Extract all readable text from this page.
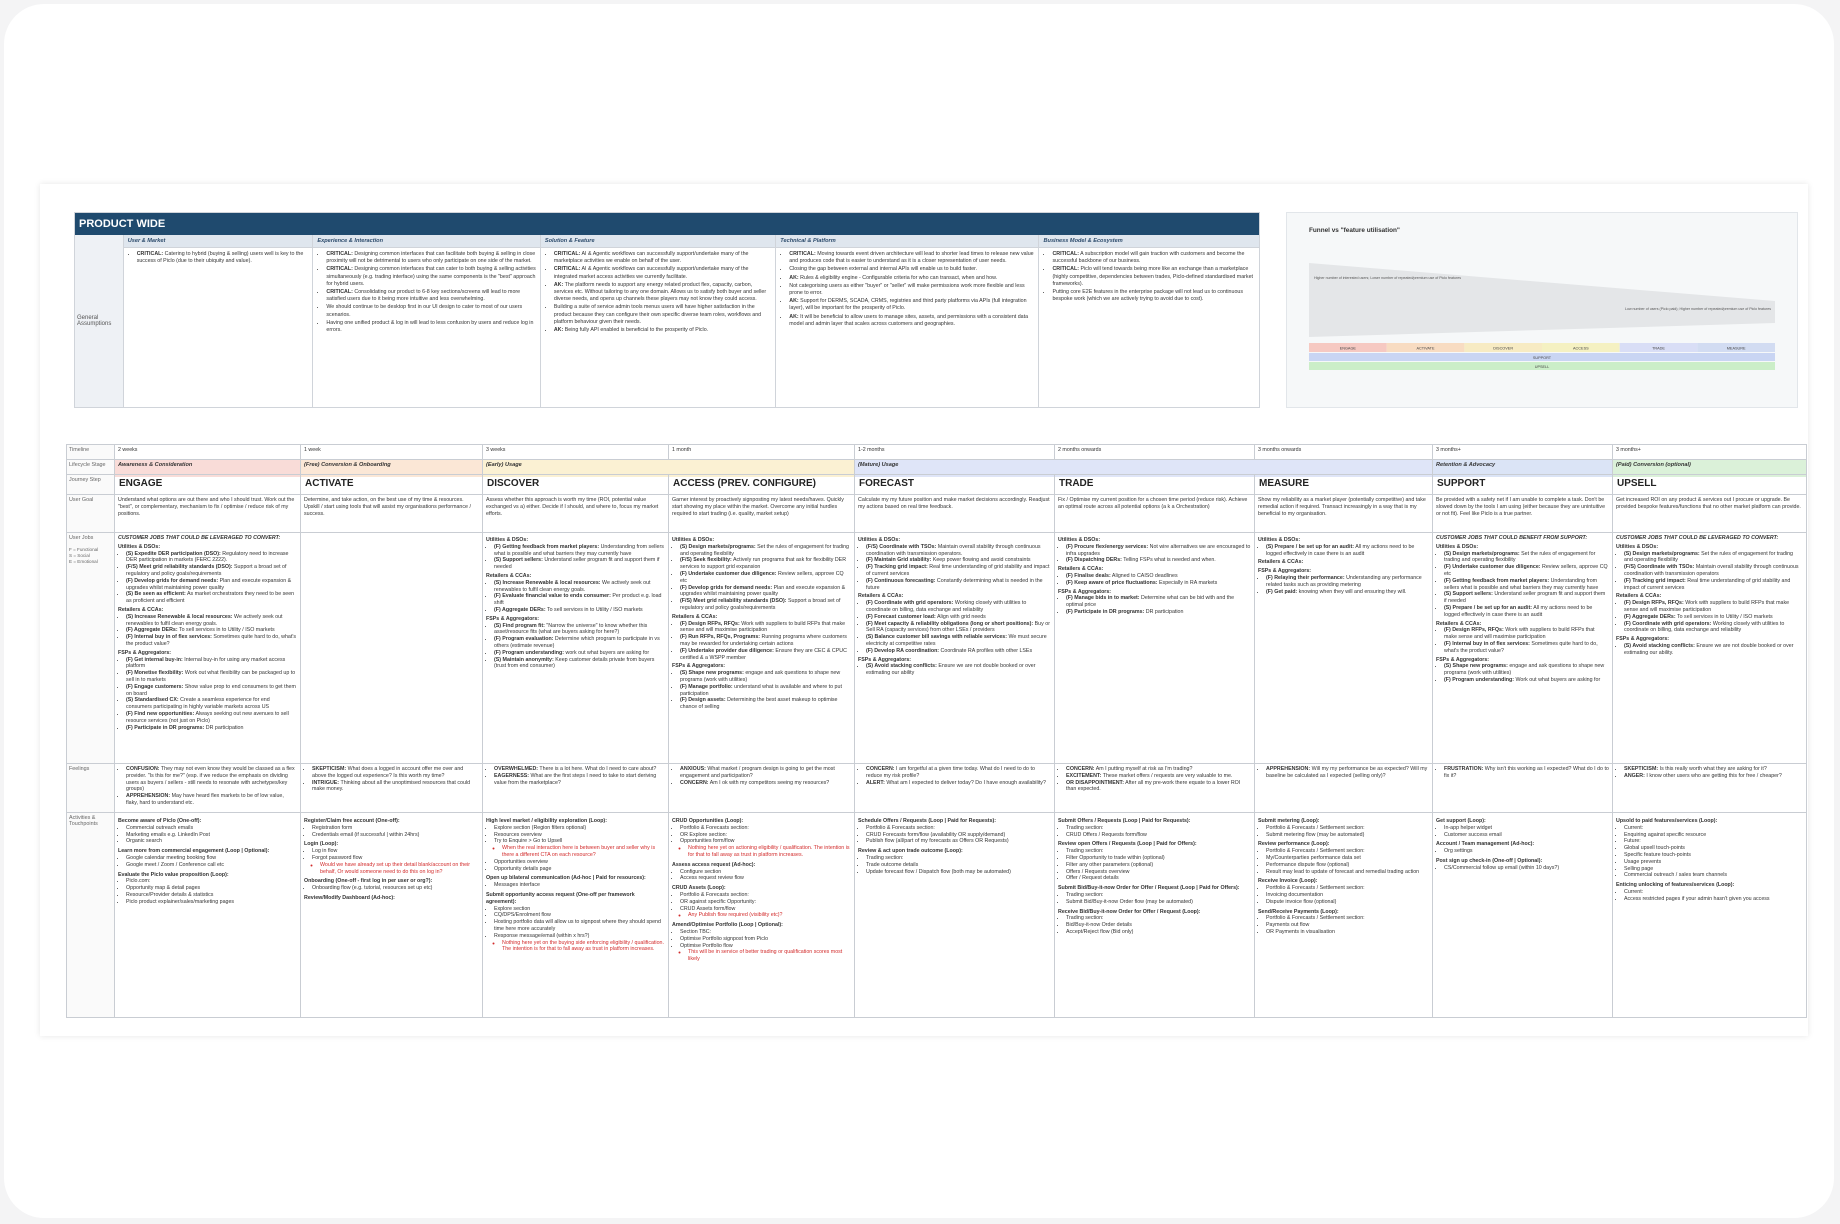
PRODUCT WIDE
General Assumptions
User & Market
• CRITICAL: Catering to hybrid (buying & selling) users well is key to the success of Piclo (due to their ubiquity and value).
Experience & Interaction
• CRITICAL: Designing common interfaces that can facilitate both buying & selling in close proximity will not be detrimental to users who only participate on one side of the market.
• CRITICAL: Designing common interfaces that can cater to both buying & selling activities simultaneously (e.g. trading interface) using the same components is the "best" approach for hybrid users.
• CRITICAL: Consolidating our product to 6-8 key sections/screens will lead to more satisfied users due to it being more intuitive and less overwhelming.
• We should continue to be desktop first in our UI design to cater to most of our users scenarios.
• Having one unified product & log in will lead to less confusion by users and reduce log in errors.
Solution & Feature
• CRITICAL: AI & Agentic workflows can successfully support/undertake many of the marketplace activities we enable on behalf of the user.
• CRITICAL: AI & Agentic workflows can successfully support/undertake many of the integrated market access activities we currently facilitate.
• AK: The platform needs to support any energy related product flex, capacity, carbon, services etc. Without tailoring to any one domain. Allows us to satisfy both buyer and seller diverse needs, and opens up channels these players may not know they could access.
• Building a suite of service admin tools menus users will have higher satisfaction in the product because they can configure their own specific diverse team roles, workflows and platform behaviour given their needs.
• AK: Being fully API enabled is beneficial to the prosperity of Piclo.
Technical & Platform
• CRITICAL: Moving towards event driven architecture will lead to shorter lead times to release new value and produces code that is easier to understand as it is a closer representation of user needs.
• Closing the gap between external and internal APIs will enable us to build faster.
• AK: Rules & eligibility engine - Configurable criteria for who can transact, when and how.
• Not categorising users as either "buyer" or "seller" will make permissions work more flexible and less prone to error.
• AK: Support for DERMS, SCADA, CRMS, registries and third party platforms via APIs (full integration layer), will be important for the prosperity of Piclo.
• AK: It will be beneficial to allow users to manage sites, assets, and permissions with a consistent data model and admin layer that scales across customers and geographies.
Business Model & Ecosystem
• CRITICAL: A subscription model will gain traction with customers and become the successful backbone of our business.
• CRITICAL: Piclo will tend towards being more like an exchange than a marketplace (highly competitive, dependencies between trades, Piclo-defined standardised market frameworks).
• Putting core E2E features in the enterprise package will not lead us to continuous bespoke work (which we are actively trying to avoid due to cost).
Funnel vs "feature utilisation"
Higher number of interested users; Lower number of repeated/premium use of Piclo features
Low number of users (Piclo paid); Higher number of repeated/premium use of Piclo features
ENGAGE	ACTIVATE	DISCOVER	ACCESS	TRADE	MEASURE
SUPPORT
UPSELL
Timeline	2 weeks	1 week	3 weeks	1 month	1-2 months	2 months onwards	3 months onwards	3 months+	3 months+
Lifecycle Stage	Awareness & Consideration	(Free) Conversion & Onboarding	(Early) Usage	(Mature) Usage	Retention & Advocacy	(Paid) Conversion (optional)
Journey Step	ENGAGE	ACTIVATE	DISCOVER	ACCESS (PREV. CONFIGURE)	FORECAST	TRADE	MEASURE	SUPPORT	UPSELL
User Goal	Understand what options are out there and who I should trust. Work out the "best", or complementary, mechanism to fix / optimise / reduce risk of my positions.
Determine, and take action, on the best use of my time & resources. Upskill / start using tools that will assist my organisations performance / success.
Assess whether this approach is worth my time (ROI, potential value exchanged vs a) either. Decide if I should, and where to, focus my market efforts.
Garner interest by proactively signposting my latest needs/haves. Quickly start showing my place within the market. Overcome any initial hurdles required to start trading (i.e. quality, market setup)
Calculate my my future position and make market decisions accordingly. Readjust my actions based on real time feedback.
Fix / Optimise my current position for a chosen time period (reduce risk). Achieve an optimal route across all potential options (a k a Orchestration)
Show my reliability as a market player (potentially competitive) and take remedial action if required. Transact increasingly in a way that is my beneficial to my organisation.
Be provided with a safety net if I am unable to complete a task. Don't be slowed down by the tools I am using (either because they are unintuitive or not fit). Feel like Piclo is a true partner.
Get increased ROI on any product & services out I procure or upgrade. Be provided bespoke features/functions that no other market platform can provide.
User Jobs
F = Functional
S = Social
E = Emotional
CUSTOMER JOBS THAT COULD BE LEVERAGED TO CONVERT:
Utilities & DSOs:
• (S) Expedite DER participation (DSO): Regulatory need to increase DER participation in markets (FERC 2222).
• (F/S) Meet grid reliability standards (DSO): Support a broad set of regulatory and policy goals/requirements
• (F) Develop grids for demand needs: Plan and execute expansion & upgrades whilst maintaining power quality
• (S) Be seen as efficient: As market orchestrators they need to be seen as proficient and efficient
Retailers & CCAs:
• (S) Increase Renewable & local resources: We actively seek out renewables to fulfil clean energy goals.
• (F) Aggregate DERs: To sell services in to Utility / ISO markets
• (F) Internal buy in of flex services: Sometimes quite hard to do, what's the product value?
FSPs & Aggregators:
• (F) Get internal buy-in: Internal buy-in for using any market access platform
• (F) Monetise flexibility: Work out what flexibility can be packaged up to sell in to markets
• (F) Engage customers: Show value prop to end consumers to get them on board
• (S) Standardised CX: Create a seamless experience for end consumers participating in highly variable markets across US
• (F) Find new opportunities: Always seeking out new avenues to sell resource services (not just on Piclo)
• (F) Participate in DR programs: DR participation
Utilities & DSOs:
• (F) Getting feedback from market players: Understanding from sellers what is possible and what barriers they may currently have
• (S) Support sellers: Understand seller program fit and support them if needed
Retailers & CCAs:
• (S) Increase Renewable & local resources: We actively seek out renewables to fulfil clean energy goals.
• (F) Evaluate financial value to ends consumer: Per product e.g. load shift
• (F) Aggregate DERs: To sell services in to Utility / ISO markets
FSPs & Aggregators:
• (S) Find program fit: "Narrow the universe" to know whether this asset/resource fits (what are buyers asking for here?)
• (F) Program evaluation: Determine which program to participate in vs others (estimate revenue)
• (F) Program understanding: work out what buyers are asking for
• (S) Maintain anonymity: Keep customer details private from buyers (trust from end consumer)
Utilities & DSOs:
• (S) Design markets/programs: Set the rules of engagement for trading and operating flexibility
• (F/S) Seek flexibility: Actively run programs that ask for flexibility DER services to support grid expansion
• (F) Undertake customer due diligence: Review sellers, approve CQ etc
• (F) Develop grids for demand needs: Plan and execute expansion & upgrades whilst maintaining power quality
• (F/S) Meet grid reliability standards (DSO): Support a broad set of regulatory and policy goals/requirements
Retailers & CCAs:
• (F) Design RFPs, RFQs: Work with suppliers to build RFPs that make sense and will maximise participation
• (F) Run RFPs, RFQs, Programs: Running programs where customers may be rewarded for undertaking certain actions
• (F) Undertake provider due diligence: Ensure they are CEC & CPUC certified & a WSPP member
FSPs & Aggregators:
• (S) Shape new programs: engage and ask questions to shape new programs (work with utilities)
• (F) Manage portfolio: understand what is available and where to put participation
• (F) Design assets: Determining the best asset makeup to optimise chance of selling
Utilities & DSOs:
• (F/S) Coordinate with TSOs: Maintain overall stability through continuous coordination with transmission operators.
• (F) Maintain Grid stability: Keep power flowing and avoid constraints
• (F) Tracking grid impact: Real time understanding of grid stability and impact of current services
• (F) Continuous forecasting: Constantly determining what is needed in the future
Retailers & CCAs:
• (F) Coordinate with grid operators: Working closely with utilities to coordinate on billing, data exchange and reliability
• (F) Forecast customer load: Align with grid needs
• (F) Meet capacity & reliability obligations (long or short positions): Buy or Sell RA (capacity services) from other LSEs / providers
• (S) Balance customer bill savings with reliable services: We must secure electricity at competitive rates
• (F) Develop RA coordination: Coordinate RA profiles with other LSEs
FSPs & Aggregators:
• (S) Avoid stacking conflicts: Ensure we are not double booked or over estimating our ability
Utilities & DSOs:
• (F) Procure flex/energy services: Not wire alternatives we are encouraged to infra upgrades
• (F) Dispatching DERs: Telling FSPs what is needed and when.
Retailers & CCAs:
• (F) Finalise deals: Aligned to CAISO deadlines
• (F) Keep aware of price fluctuations: Especially in RA markets
FSPs & Aggregators:
• (F) Manage bids in to market: Determine what can be bid with and the optimal price
• (F) Participate in DR programs: DR participation
Utilities & DSOs:
• (S) Prepare / be set up for an audit: All my actions need to be logged effectively in case there is an audit
Retailers & CCAs:
FSPs & Aggregators:
• (F) Relaying their performance: Understanding any performance related tasks such as providing metering
• (F) Get paid: knowing when they will and ensuring they will.
CUSTOMER JOBS THAT COULD BENEFIT FROM SUPPORT:
Utilities & DSOs:
• (S) Design markets/programs: Set the rules of engagement for trading and operating flexibility
• (F) Undertake customer due diligence: Review sellers, approve CQ etc
• (F) Getting feedback from market players: Understanding from sellers what is possible and what barriers they may currently have
• (S) Support sellers: Understand seller program fit and support them if needed
• (S) Prepare / be set up for an audit: All my actions need to be logged effectively in case there is an audit
Retailers & CCAs:
• (F) Design RFPs, RFQs: Work with suppliers to build RFPs that make sense and will maximise participation
• (F) Internal buy in of flex services: Sometimes quite hard to do, what's the product value?
FSPs & Aggregators:
• (S) Shape new programs: engage and ask questions to shape new programs (work with utilities)
• (F) Program understanding: Work out what buyers are asking for
CUSTOMER JOBS THAT COULD BE LEVERAGED TO CONVERT:
Utilities & DSOs:
• (S) Design markets/programs: Set the rules of engagement for trading and operating flexibility
• (F/S) Coordinate with TSOs: Maintain overall stability through continuous coordination with transmission operators
• (F) Tracking grid impact: Real time understanding of grid stability and impact of current services
Retailers & CCAs:
• (F) Design RFPs, RFQs: Work with suppliers to build RFPs that make sense and will maximise participation
• (F) Aggregate DERs: To sell services in to Utility / ISO markets
• (F) Coordinate with grid operators: Working closely with utilities to coordinate on billing, data exchange and reliability
FSPs & Aggregators:
• (S) Avoid stacking conflicts: Ensure we are not double booked or over estimating our ability.
Feelings
•	CONFUSION: They may not even know they would be classed as a flex provider. "Is this for me?" (esp. if we reduce the emphasis on dividing users as buyers / sellers - still needs to resonate with archetypes/key groups)
• APPREHENSION: May have heard flex markets to be of low value, flaky, hard to understand etc.
• SKEPTICISM: What does a logged in account offer me over and above the logged out experience? Is this worth my time?
• INTRIGUE: Thinking about all the unoptimised resources that could make money.
• OVERWHELMED: There is a lot here. What do I need to care about?
• EAGERNESS: What are the first steps I need to take to start deriving value from the marketplace?
• ANXIOUS: What market / program design is going to get the most engagement and participation?
• CONCERN: Am I ok with my competitors seeing my resources?
• CONCERN: I am forgetful at a given time today. What do I need to do to reduce my risk profile?
• ALERT: What am I expected to deliver today? Do I have enough availability?
• CONCERN: Am I putting myself at risk as I'm trading?
• EXCITEMENT: These market offers / requests are very valuable to me.
• OR DISAPPOINTMENT: After all my pre-work there equate to a lower ROI than expected.
• APPREHENSION: Will my my performance be as expected? Will my baseline be calculated as I expected (selling only)?
• FRUSTRATION: Why isn't this working as I expected? What do I do to fix it?
• SKEPTICISM: Is this really worth what they are asking for it?
• ANGER: I know other users who are getting this for free / cheaper?
Activities & Touchpoints	Become aware of Piclo (One-off):
• Commercial outreach emails
• Marketing emails e.g. LinkedIn Post
• Organic search
Learn more from commercial engagement (Loop | Optional):
• Google calendar meeting booking flow
• Google meet / Zoom / Conference call etc
Evaluate the Piclo value proposition (Loop):
• Piclo.com:
• Opportunity map & detail pages
• Resource/Provider details & statistics
• Piclo product explainer/sales/marketing pages
Register/Claim free account (One-off):
• Registration form
• Credentials email (if successful | within 24hrs)
Login (Loop):
• Log in flow
• Forgot password flow
◦ Would we have already set up their detail blank/account on their behalf, Or would someone need to do this on log in?
Onboarding (One-off - first log in per user or org?):
• Onboarding flow (e.g. tutorial, resources set up etc)
Review/Modify Dashboard (Ad-hoc):
High level market / eligibility exploration (Loop):
• Explore section (Region filters optional)
• Resources overview
• Try to Enquire > Go to Upsell
◦ When the real interaction here is between buyer and seller why is there a different CTA on each resource?
• Opportunities overview
• Opportunity details page
Open up bilateral communication (Ad-hoc | Paid for resources):
• Messages interface
Submit opportunity access request (One-off per framework agreement):
• Explore section
• CQ/DPS/Enrolment flow
• Hosting portfolio data will allow us to signpost where they should spend time here more accurately
• Response message/email (within x hrs?)
◦ Nothing here yet on the buying side enforcing eligibility / qualification. The intention is for that to fall away as trust in platform increases.
CRUD Opportunities (Loop):
• Portfolio & Forecasts section:
• OR Explore section:
• Opportunities form/flow
◦ Nothing here yet on actioning eligibility / qualification. The intention is for that to fall away as trust in platform increases.
Assess access request (Ad-hoc):
• Configure section
• Access request review flow
CRUD Assets (Loop):
• Portfolio & Forecasts section:
• OR against specific Opportunity:
• CRUD Assets form/flow
◦ Any Publish flow required (visibility etc)?
Amend/Optimise Portfolio (Loop | Optional):
• Section TBC:
• Optimise Portfolio signpost from Piclo
• Optimise Portfolio flow
◦ This will be in service of better trading or qualification scores most likely
Schedule Offers / Requests (Loop | Paid for Requests):
• Portfolio & Forecasts section:
• CRUD Forecasts form/flow (availability OR supply/demand)
• Publish flow (all/part of my forecasts as Offers OR Requests)
Review & act upon trade outcome (Loop):
• Trading section:
• Trade outcome details
• Update forecast flow / Dispatch flow (both may be automated)
Submit Offers / Requests (Loop | Paid for Requests):
• Trading section:
• CRUD Offers / Requests form/flow
Review open Offers / Requests (Loop | Paid for Offers):
• Trading section:
• Filter Opportunity to trade within (optional)
• Filter any other parameters (optional)
• Offers / Requests overview
• Offer / Request details
Submit Bid/Buy-it-now Order for Offer / Request (Loop | Paid for Offers):
• Trading section:
• Submit Bid/Buy-it-now Order flow (may be automated)
Receive Bid/Buy-it-now Order for Offer / Request (Loop):
• Trading section:
• Bid/Buy-it-now Order details
• Accept/Reject flow (Bid only)
Submit metering (Loop):
• Portfolio & Forecasts / Settlement section:
• Submit metering flow (may be automated)
Review performance (Loop):
• Portfolio & Forecasts / Settlement section:
• My/Counterparties performance data set
• Performance dispute flow (optional)
• Result may lead to update of forecast and remedial trading action
Receive Invoice (Loop):
• Portfolio & Forecasts / Settlement section:
• Invoicing documentation
• Dispute invoice flow (optional)
Send/Receive Payments (Loop):
• Portfolio & Forecasts / Settlement section:
• Payments out flow
• OR Payments in visualisation
Get support (Loop):
• In-app helper widget
• Customer success email
Account / Team management (Ad-hoc):
• Org settings
Post sign up check-in (One-off | Optional):
• CS/Commercial follow up email (within 10 days?)
Upsold to paid features/services (Loop):
• Current:
• Enquiring against specific resource
• Future:
• Global upsell touch-points
• Specific feature touch-points
• Usage prevents
• Selling page
• Commercial outreach / sales team channels
Enticing unlocking of features/services (Loop):
• Current:
• Access restricted pages if your admin hasn't given you access
